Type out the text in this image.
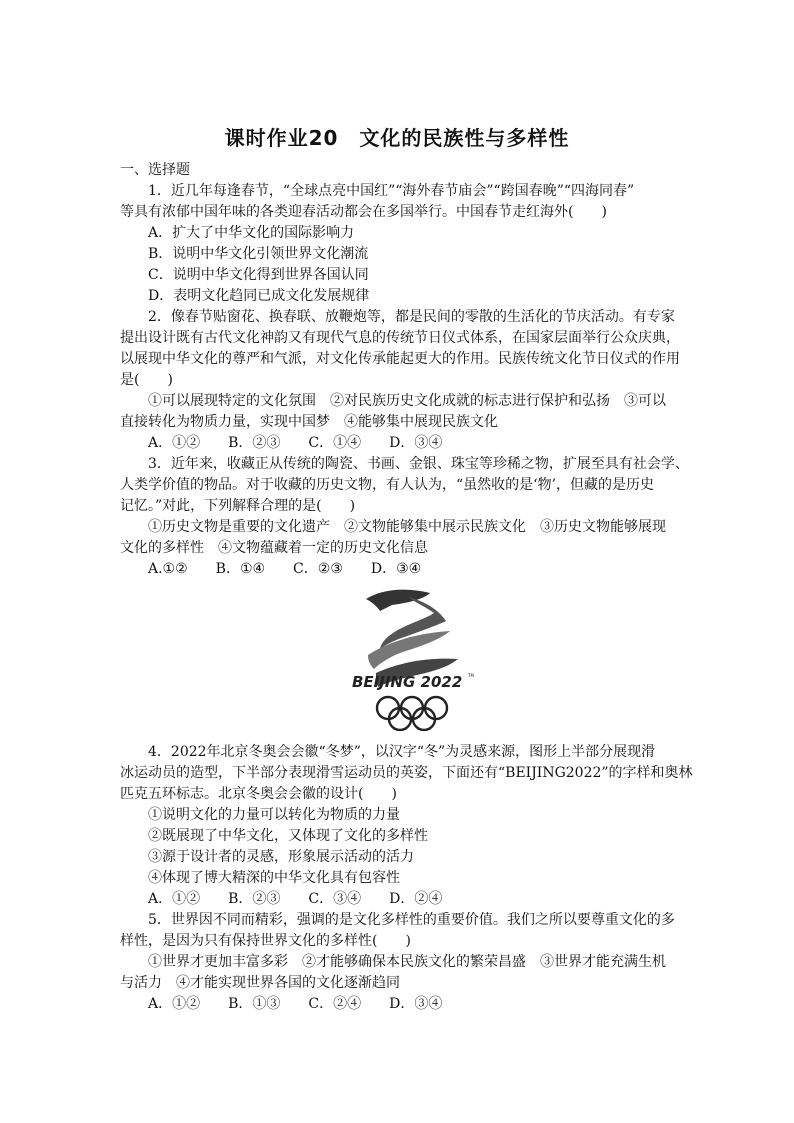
课时作业20　文化的民族性与多样性
一、选择题
1．近几年每逢春节，“全球点亮中国红”“海外春节庙会”“跨国春晚”“四海同春”
等具有浓郁中国年味的各类迎春活动都会在多国举行。中国春节走红海外(　　)
A．扩大了中华文化的国际影响力
B．说明中华文化引领世界文化潮流
C．说明中华文化得到世界各国认同
D．表明文化趋同已成文化发展规律
2．像春节贴窗花、换春联、放鞭炮等，都是民间的零散的生活化的节庆活动。有专家
提出设计既有古代文化神韵又有现代气息的传统节日仪式体系，在国家层面举行公众庆典，
以展现中华文化的尊严和气派，对文化传承能起更大的作用。民族传统文化节日仪式的作用
是(　　)
①可以展现特定的文化氛围　②对民族历史文化成就的标志进行保护和弘扬　③可以
直接转化为物质力量，实现中国梦　④能够集中展现民族文化
A．①②　　B．②③　　C．①④　　D．③④
3．近年来，收藏正从传统的陶瓷、书画、金银、珠宝等珍稀之物，扩展至具有社会学、
人类学价值的物品。对于收藏的历史文物，有人认为，“虽然收的是‘物’，但藏的是历史
记忆。”对此，下列解释合理的是(　　)
①历史文物是重要的文化遗产　②文物能够集中展示民族文化　③历史文物能够展现
文化的多样性　④文物蕴藏着一定的历史文化信息
A.①②　　B．①④　　C．②③　　D．③④
BEIJING 2022 TM
4．2022年北京冬奥会会徽“冬梦”，以汉字“冬”为灵感来源，图形上半部分展现滑
冰运动员的造型，下半部分表现滑雪运动员的英姿，下面还有“BEIJING2022”的字样和奥林
匹克五环标志。北京冬奥会会徽的设计(　　)
①说明文化的力量可以转化为物质的力量
②既展现了中华文化，又体现了文化的多样性
③源于设计者的灵感，形象展示活动的活力
④体现了博大精深的中华文化具有包容性
A．①②　　B．②③　　C．③④　　D．②④
5．世界因不同而精彩，强调的是文化多样性的重要价值。我们之所以要尊重文化的多
样性，是因为只有保持世界文化的多样性(　　)
①世界才更加丰富多彩　②才能够确保本民族文化的繁荣昌盛　③世界才能充满生机
与活力　④才能实现世界各国的文化逐渐趋同
A．①②　　B．①③　　C．②④　　D．③④
